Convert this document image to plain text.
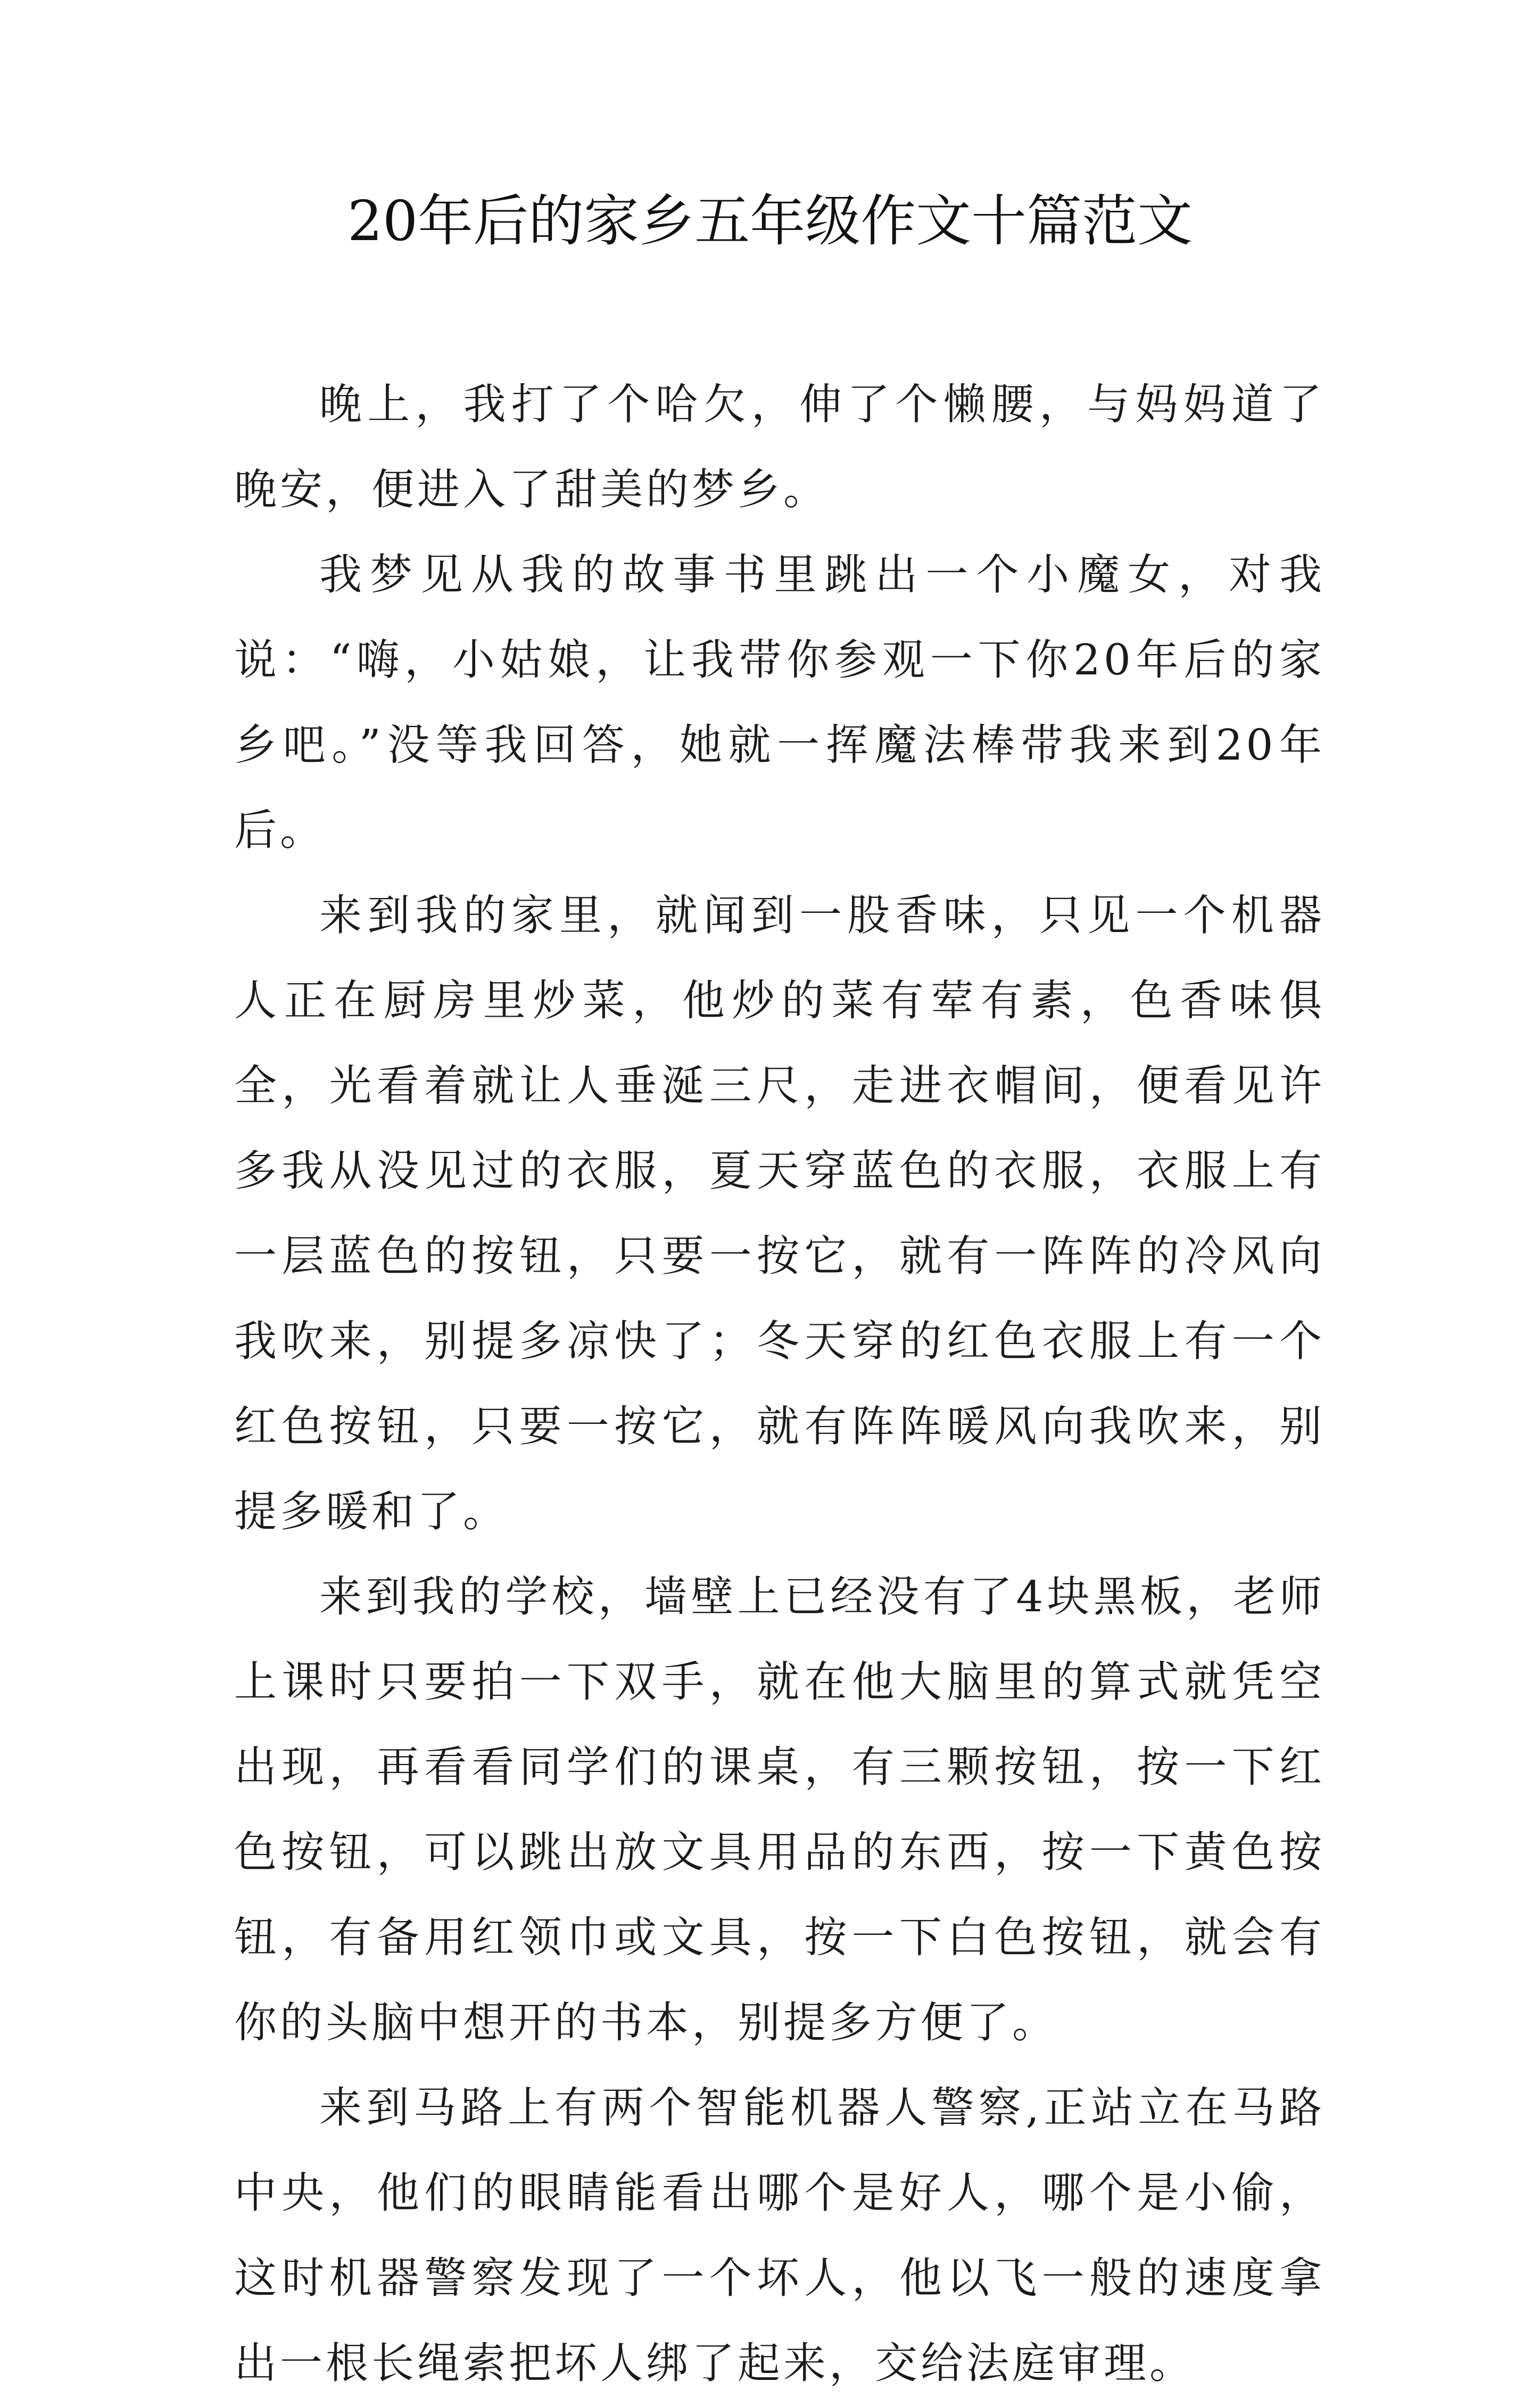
20年后的家乡五年级作文十篇范文

晚上，我打了个哈欠，伸了个懒腰，与妈妈道了晚安，便进入了甜美的梦乡。

我梦见从我的故事书里跳出一个小魔女，对我说：“嗨，小姑娘，让我带你参观一下你20年后的家乡吧。”没等我回答，她就一挥魔法棒带我来到20年后。

来到我的家里，就闻到一股香味，只见一个机器人正在厨房里炒菜，他炒的菜有荤有素，色香味俱全，光看着就让人垂涎三尺，走进衣帽间，便看见许多我从没见过的衣服，夏天穿蓝色的衣服，衣服上有一层蓝色的按钮，只要一按它，就有一阵阵的冷风向我吹来，别提多凉快了；冬天穿的红色衣服上有一个红色按钮，只要一按它，就有阵阵暖风向我吹来，别提多暖和了。

来到我的学校，墙壁上已经没有了4块黑板，老师上课时只要拍一下双手，就在他大脑里的算式就凭空出现，再看看同学们的课桌，有三颗按钮，按一下红色按钮，可以跳出放文具用品的东西，按一下黄色按钮，有备用红领巾或文具，按一下白色按钮，就会有你的头脑中想开的书本，别提多方便了。

来到马路上有两个智能机器人警察,正站立在马路中央，他们的眼睛能看出哪个是好人，哪个是小偷，这时机器警察发现了一个坏人，他以飞一般的速度拿出一根长绳索把坏人绑了起来，交给法庭审理。
